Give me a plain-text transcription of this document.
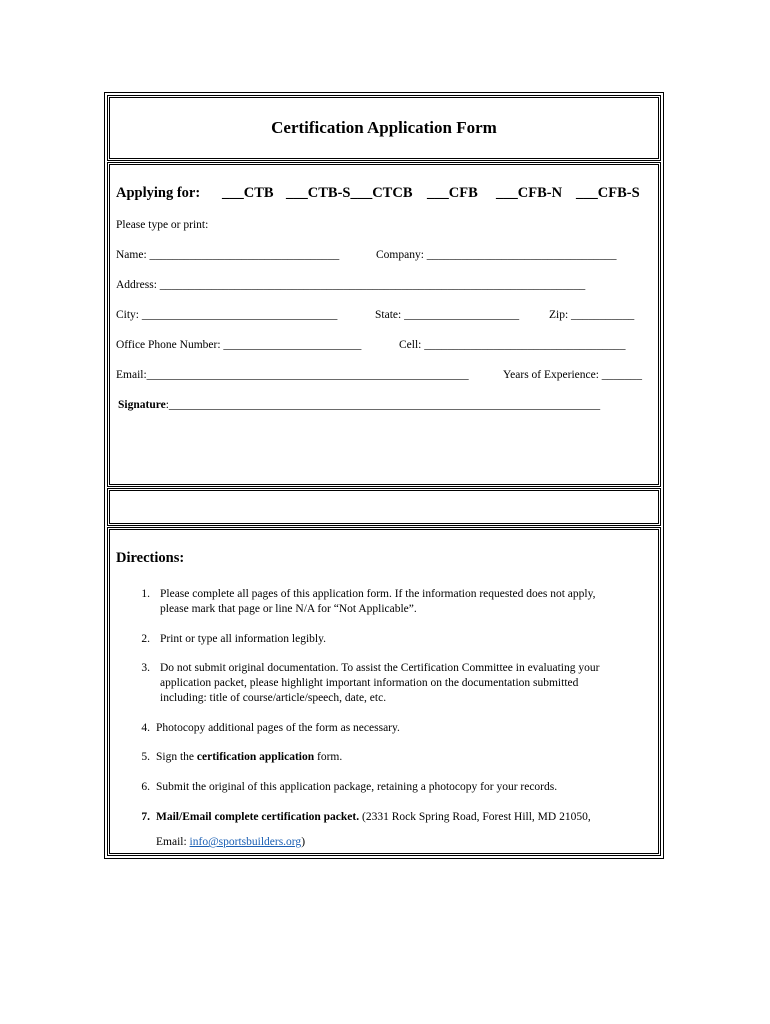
Certification Application Form
Applying for: ___CTB ___CTB-S___CTCB ___CFB ___CFB-N ___CFB-S
Please type or print:
Name: _________________________________	Company: _________________________________
Address: __________________________________________________________________________
City: __________________________________	State: ____________________	Zip: ___________
Office Phone Number: ________________________	Cell: ___________________________________
Email:________________________________________________________	Years of Experience: _______
Signature:___________________________________________________________________________
Directions:
1. Please complete all pages of this application form. If the information requested does not apply,
please mark that page or line N/A for “Not Applicable”.
2. Print or type all information legibly.
3. Do not submit original documentation. To assist the Certification Committee in evaluating your
application packet, please highlight important information on the documentation submitted
including: title of course/article/speech, date, etc.
4. Photocopy additional pages of the form as necessary.
5. Sign the certification application form.
6. Submit the original of this application package, retaining a photocopy for your records.
7. Mail/Email complete certification packet. (2331 Rock Spring Road, Forest Hill, MD 21050,
Email: info@sportsbuilders.org)
